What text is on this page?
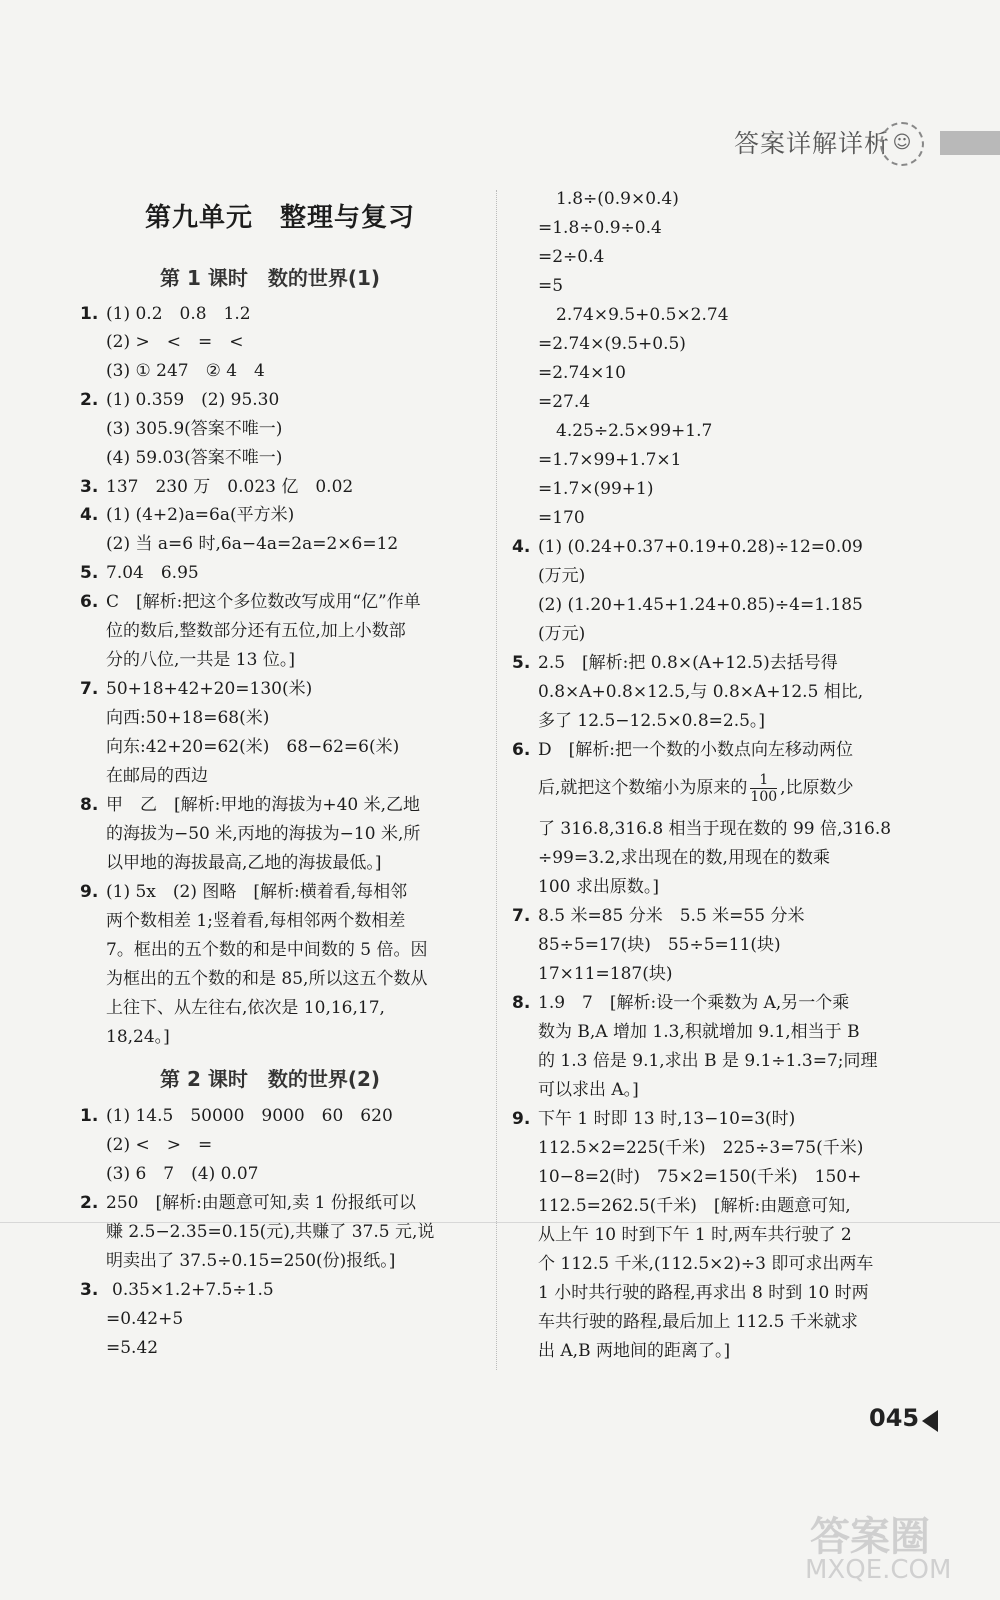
答案详解详析 ☺
第九单元　整理与复习
第 1 课时　数的世界(1)
第 2 课时　数的世界(2)
1. (1) 0.2　0.8　1.2
(2) >　<　=　<
(3) ① 247　② 4　4
2. (1) 0.359　(2) 95.30
(3) 305.9(答案不唯一)
(4) 59.03(答案不唯一)
3. 137　230 万　0.023 亿　0.02
4. (1) (4+2)a=6a(平方米)
(2) 当 a=6 时,6a−4a=2a=2×6=12
5. 7.04　6.95
6. C　[解析:把这个多位数改写成用“亿”作单
位的数后,整数部分还有五位,加上小数部
分的八位,一共是 13 位。]
7. 50+18+42+20=130(米)
向西:50+18=68(米)
向东:42+20=62(米)　68−62=6(米)
在邮局的西边
8. 甲　乙　[解析:甲地的海拔为+40 米,乙地
的海拔为−50 米,丙地的海拔为−10 米,所
以甲地的海拔最高,乙地的海拔最低。]
9. (1) 5x　(2) 图略　[解析:横着看,每相邻
两个数相差 1;竖着看,每相邻两个数相差
7。框出的五个数的和是中间数的 5 倍。因
为框出的五个数的和是 85,所以这五个数从
上往下、从左往右,依次是 10,16,17,
18,24。]
1. (1) 14.5　50000　9000　60　620
(2) <　>　=
(3) 6　7　(4) 0.07
2. 250　[解析:由题意可知,卖 1 份报纸可以
赚 2.5−2.35=0.15(元),共赚了 37.5 元,说
明卖出了 37.5÷0.15=250(份)报纸。]
3. 0.35×1.2+7.5÷1.5
=0.42+5
=5.42
1.8÷(0.9×0.4)
=1.8÷0.9÷0.4
=2÷0.4
=5
2.74×9.5+0.5×2.74
=2.74×(9.5+0.5)
=2.74×10
=27.4
4.25÷2.5×99+1.7
=1.7×99+1.7×1
=1.7×(99+1)
=170
4. (1) (0.24+0.37+0.19+0.28)÷12=0.09
(万元)
(2) (1.20+1.45+1.24+0.85)÷4=1.185
(万元)
5. 2.5　[解析:把 0.8×(A+12.5)去括号得
0.8×A+0.8×12.5,与 0.8×A+12.5 相比,
多了 12.5−12.5×0.8=2.5。]
6. D　[解析:把一个数的小数点向左移动两位
后,就把这个数缩小为原来的 $\frac{1}{100}$ ,比原数少
了 316.8,316.8 相当于现在数的 99 倍,316.8
÷99=3.2,求出现在的数,用现在的数乘
100 求出原数。]
7. 8.5 米=85 分米　5.5 米=55 分米
85÷5=17(块)　55÷5=11(块)
17×11=187(块)
8. 1.9　7　[解析:设一个乘数为 A,另一个乘
数为 B,A 增加 1.3,积就增加 9.1,相当于 B
的 1.3 倍是 9.1,求出 B 是 9.1÷1.3=7;同理
可以求出 A。]
9. 下午 1 时即 13 时,13−10=3(时)
112.5×2=225(千米)　225÷3=75(千米)
10−8=2(时)　75×2=150(千米)　150+
112.5=262.5(千米)　[解析:由题意可知,
从上午 10 时到下午 1 时,两车共行驶了 2
个 112.5 千米,(112.5×2)÷3 即可求出两车
1 小时共行驶的路程,再求出 8 时到 10 时两
车共行驶的路程,最后加上 112.5 千米就求
出 A,B 两地间的距离了。]
045
答案圈
MXQE.COM
